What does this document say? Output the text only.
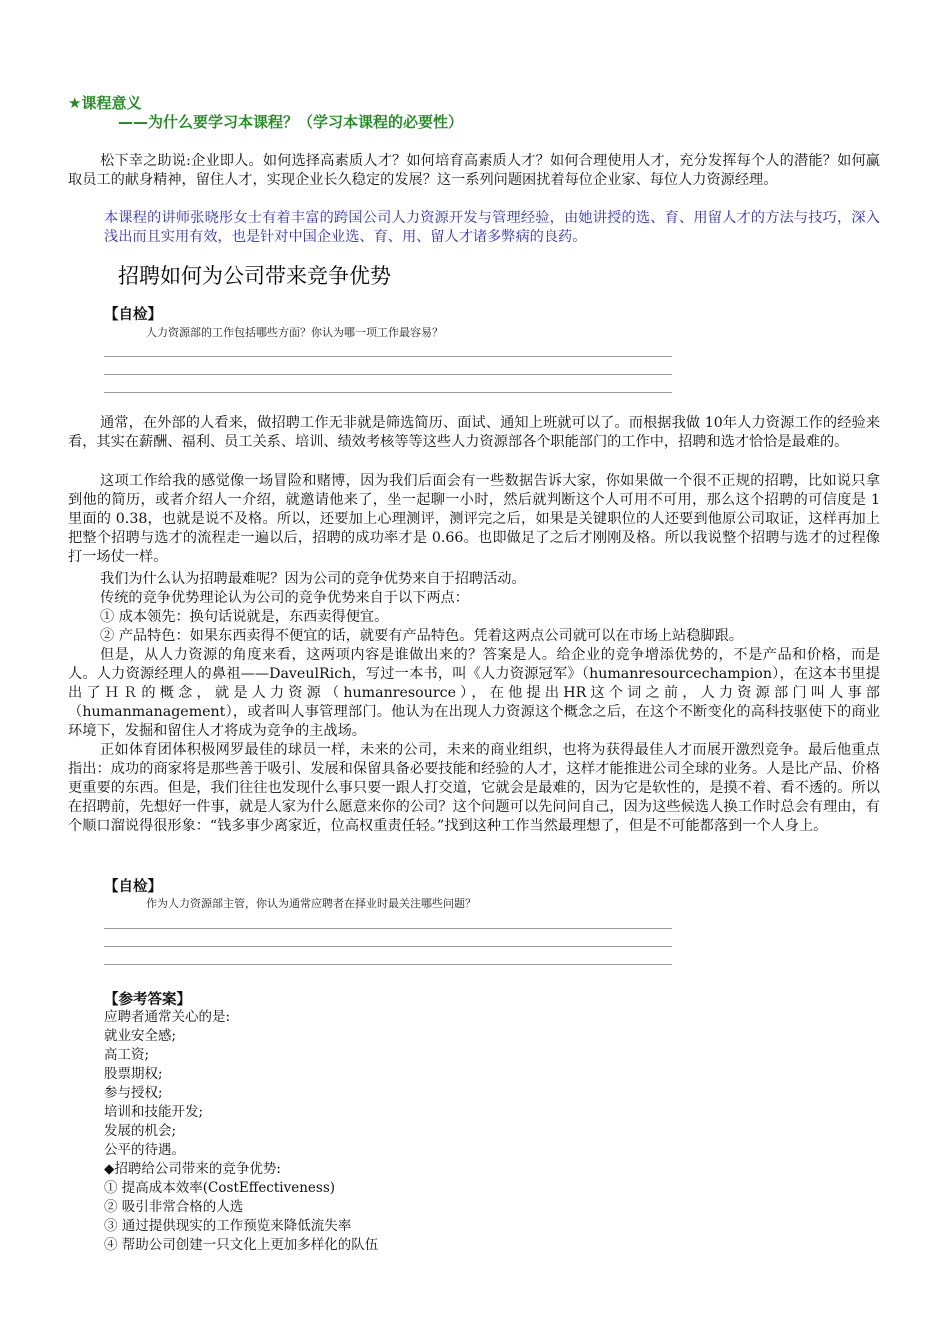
★课程意义
——为什么要学习本课程？（学习本课程的必要性）

松下幸之助说:企业即人。如何选择高素质人才？如何培育高素质人才？如何合理使用人才，充分发挥每个人的潜能？如何赢取员工的献身精神，留住人才，实现企业长久稳定的发展？这一系列问题困扰着每位企业家、每位人力资源经理。

本课程的讲师张晓彤女士有着丰富的跨国公司人力资源开发与管理经验，由她讲授的选、育、用留人才的方法与技巧，深入浅出而且实用有效，也是针对中国企业选、育、用、留人才诸多弊病的良药。

招聘如何为公司带来竞争优势
【自检】
人力资源部的工作包括哪些方面？你认为哪一项工作最容易？

通常，在外部的人看来，做招聘工作无非就是筛选简历、面试、通知上班就可以了。而根据我做 10年人力资源工作的经验来看，其实在薪酬、福利、员工关系、培训、绩效考核等等这些人力资源部各个职能部门的工作中，招聘和选才恰恰是最难的。

这项工作给我的感觉像一场冒险和赌博，因为我们后面会有一些数据告诉大家，你如果做一个很不正规的招聘，比如说只拿到他的简历，或者介绍人一介绍，就邀请他来了，坐一起聊一小时，然后就判断这个人可用不可用，那么这个招聘的可信度是 1 里面的 0.38，也就是说不及格。所以，还要加上心理测评，测评完之后，如果是关键职位的人还要到他原公司取证，这样再加上把整个招聘与选才的流程走一遍以后，招聘的成功率才是 0.66。也即做足了之后才刚刚及格。所以我说整个招聘与选才的过程像打一场仗一样。

我们为什么认为招聘最难呢？因为公司的竞争优势来自于招聘活动。

传统的竞争优势理论认为公司的竞争优势来自于以下两点：

① 成本领先：换句话说就是，东西卖得便宜。

② 产品特色：如果东西卖得不便宜的话，就要有产品特色。凭着这两点公司就可以在市场上站稳脚跟。

但是，从人力资源的角度来看，这两项内容是谁做出来的？答案是人。给企业的竞争增添优势的，不是产品和价格，而是人。人力资源经理人的鼻祖——DaveulRich，写过一本书，叫《人力资源冠军》（humanresourcechampion），在这本书里提出了ＨＲ的概念，就是人力资源（humanresource），在他提出HR这个词之前，人力资源部门叫人事部（humanmanagement），或者叫人事管理部门。他认为在出现人力资源这个概念之后，在这个不断变化的高科技驱使下的商业环境下，发掘和留住人才将成为竞争的主战场。

正如体育团体积极网罗最佳的球员一样，未来的公司，未来的商业组织，也将为获得最佳人才而展开激烈竞争。最后他重点指出：成功的商家将是那些善于吸引、发展和保留具备必要技能和经验的人才，这样才能推进公司全球的业务。人是比产品、价格更重要的东西。但是，我们往往也发现什么事只要一跟人打交道，它就会是最难的，因为它是软性的，是摸不着、看不透的。所以在招聘前，先想好一件事，就是人家为什么愿意来你的公司？这个问题可以先问问自己，因为这些候选人换工作时总会有理由，有个顺口溜说得很形象：“钱多事少离家近，位高权重责任轻。”找到这种工作当然最理想了，但是不可能都落到一个人身上。

【自检】
作为人力资源部主管，你认为通常应聘者在择业时最关注哪些问题？
【参考答案】
应聘者通常关心的是:
就业安全感;
高工资;
股票期权;
参与授权;
培训和技能开发;
发展的机会;
公平的待遇。
◆招聘给公司带来的竞争优势:
① 提高成本效率(CostEffectiveness)
② 吸引非常合格的人选
③ 通过提供现实的工作预览来降低流失率
④ 帮助公司创建一只文化上更加多样化的队伍
